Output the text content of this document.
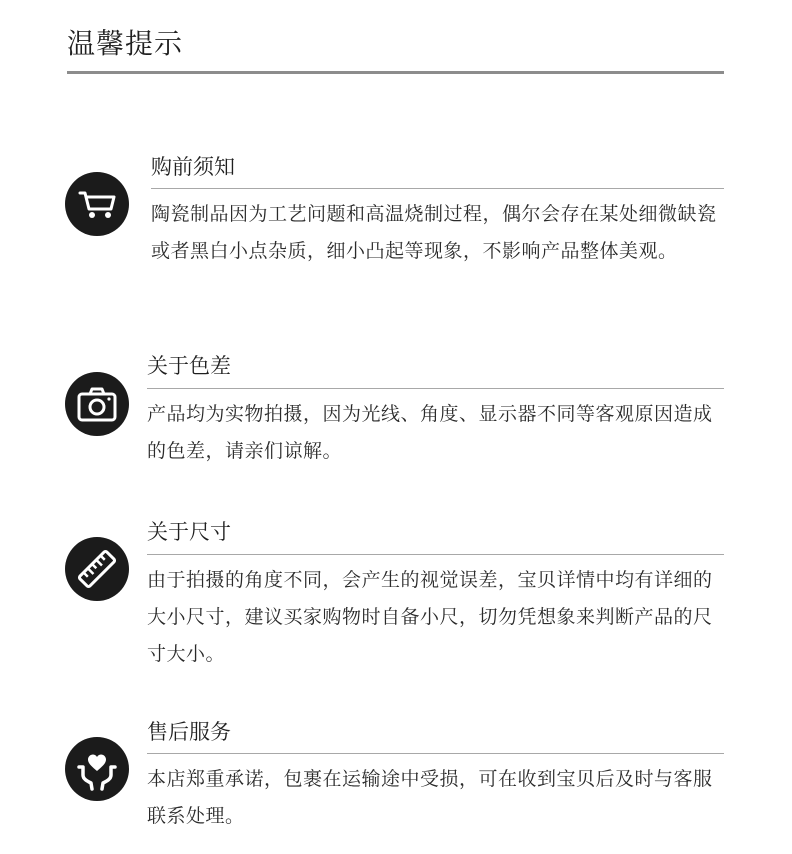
温馨提示
购前须知
陶瓷制品因为工艺问题和高温烧制过程，偶尔会存在某处细微缺瓷或者黑白小点杂质，细小凸起等现象，不影响产品整体美观。
关于色差
产品均为实物拍摄，因为光线、角度、显示器不同等客观原因造成的色差，请亲们谅解。
关于尺寸
由于拍摄的角度不同，会产生的视觉误差，宝贝详情中均有详细的大小尺寸，建议买家购物时自备小尺，切勿凭想象来判断产品的尺寸大小。
售后服务
本店郑重承诺，包裹在运输途中受损，可在收到宝贝后及时与客服联系处理。
